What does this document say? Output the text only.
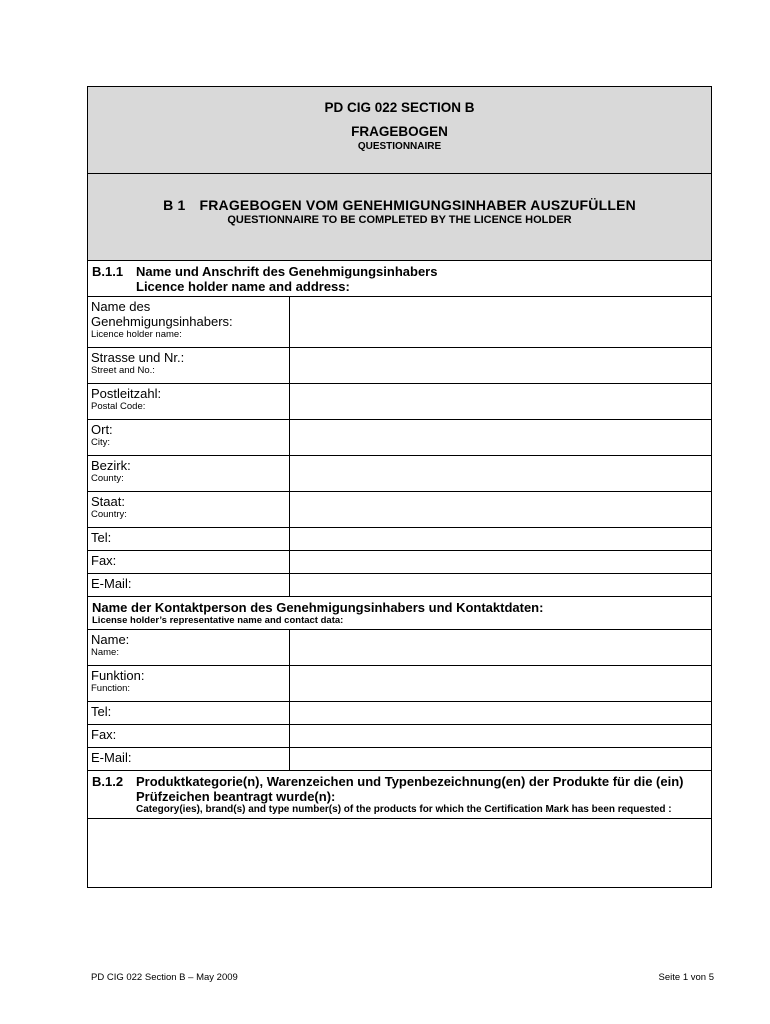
PD CIG 022 SECTION B
FRAGEBOGEN
QUESTIONNAIRE
B 1 FRAGEBOGEN VOM GENEHMIGUNGSINHABER AUSZUFÜLLEN
QUESTIONNAIRE TO BE COMPLETED BY THE LICENCE HOLDER
B.1.1 Name und Anschrift des Genehmigungsinhabers
Licence holder name and address:
Name des Genehmigungsinhabers:
Licence holder name:
Strasse und Nr.:
Street and No.:
Postleitzahl:
Postal Code:
Ort:
City:
Bezirk:
County:
Staat:
Country:
Tel:
Fax:
E-Mail:
Name der Kontaktperson des Genehmigungsinhabers und Kontaktdaten:
License holder’s representative name and contact data:
Name:
Name:
Funktion:
Function:
Tel:
Fax:
E-Mail:
B.1.2 Produktkategorie(n), Warenzeichen und Typenbezeichnung(en) der Produkte für die (ein) Prüfzeichen beantragt wurde(n):
Category(ies), brand(s) and type number(s) of the products for which the Certification Mark has been requested :
PD CIG 022 Section B – May 2009	Seite 1 von 5
